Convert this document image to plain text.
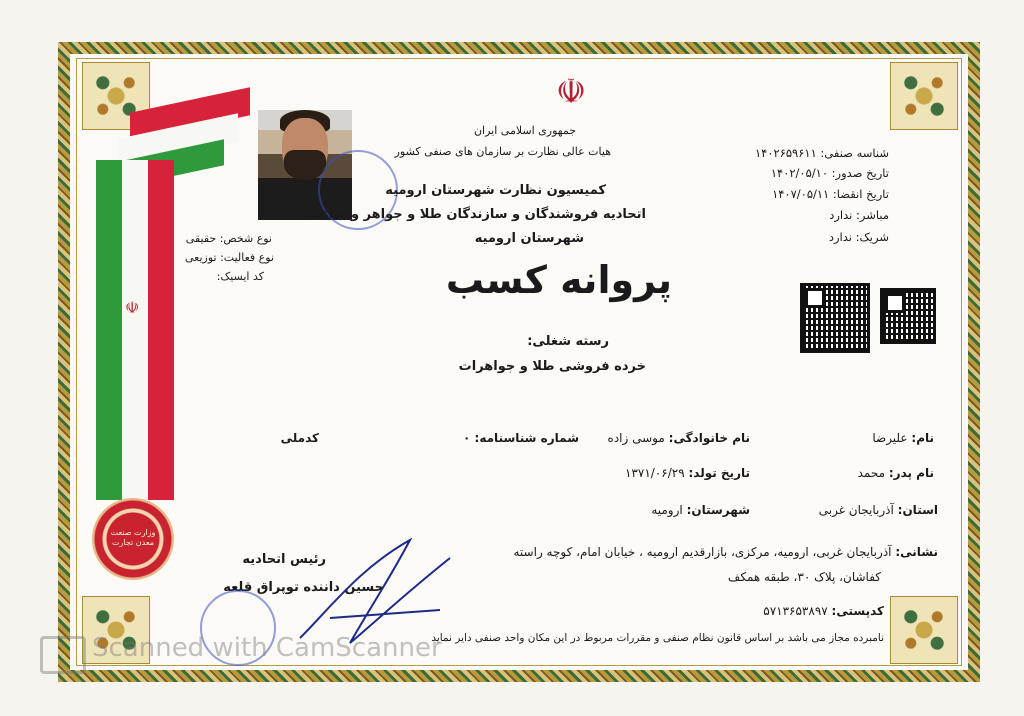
☫
وزارت صنعت معدن تجارت
نوع شخص: حقیقی
نوع فعالیت: توزیعی
کد ایسیک:
☫
جمهوری اسلامی ایران
هیات عالی نظارت بر سازمان های صنفی کشور
کمیسیون نظارت شهرستان ارومیه
اتحادیه فروشندگان و سازندگان طلا و جواهر و ساعت
شهرستان ارومیه
پروانه کسب
شناسه صنفی: ۱۴۰۲۶۵۹۶۱۱
تاریخ صدور: ۱۴۰۲/۰۵/۱۰
تاریخ انقضا: ۱۴۰۷/۰۵/۱۱
مباشر: ندارد
شریک: ندارد
رسته شغلی:
خرده فروشی طلا و جواهرات
نام: علیرضا
نام خانوادگی: موسی زاده
شماره شناسنامه: ۰
کدملی
نام پدر: محمد
تاریخ تولد: ۱۳۷۱/۰۶/۲۹
استان: آذربایجان غربی
شهرستان: ارومیه
نشانی: آذربایجان غربی، ارومیه، مرکزی، بازارقدیم ارومیه ، خیابان امام، کوچه راسته
کفاشان، پلاک ۳۰، طبقه همکف
کدپستی: ۵۷۱۳۶۵۳۸۹۷
رئیس اتحادیه
حسین داننده توپراق قلعه
نامبرده مجاز می باشد بر اساس قانون نظام صنفی و مقررات مربوط در این مکان واحد صنفی دایر نماید
Scanned with CamScanner
